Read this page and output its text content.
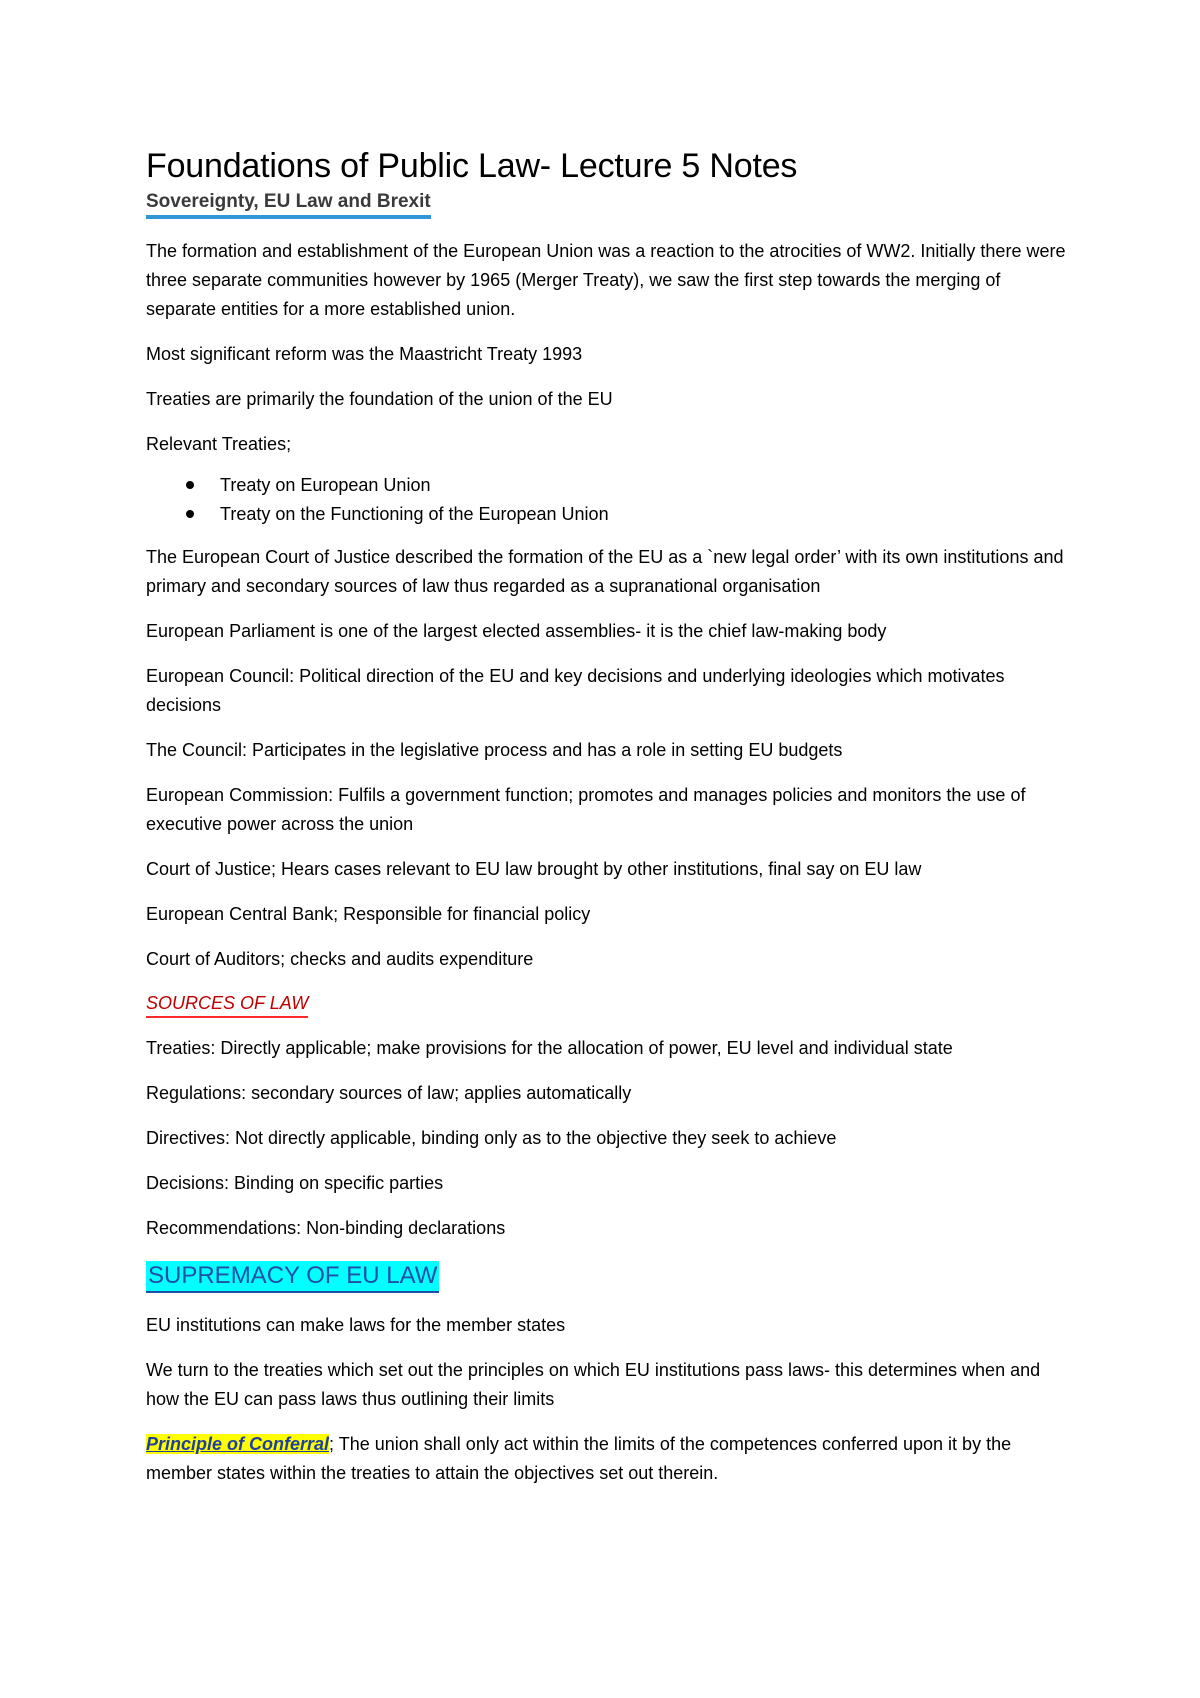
Foundations of Public Law- Lecture 5 Notes
Sovereignty, EU Law and Brexit

The formation and establishment of the European Union was a reaction to the atrocities of WW2. Initially there were three separate communities however by 1965 (Merger Treaty), we saw the first step towards the merging of separate entities for a more established union.

Most significant reform was the Maastricht Treaty 1993

Treaties are primarily the foundation of the union of the EU

Relevant Treaties;

Treaty on European Union
Treaty on the Functioning of the European Union

The European Court of Justice described the formation of the EU as a `new legal order’ with its own institutions and primary and secondary sources of law thus regarded as a supranational organisation

European Parliament is one of the largest elected assemblies- it is the chief law-making body

European Council: Political direction of the EU and key decisions and underlying ideologies which motivates decisions

The Council: Participates in the legislative process and has a role in setting EU budgets

European Commission: Fulfils a government function; promotes and manages policies and monitors the use of executive power across the union

Court of Justice; Hears cases relevant to EU law brought by other institutions, final say on EU law

European Central Bank; Responsible for financial policy

Court of Auditors; checks and audits expenditure

SOURCES OF LAW

Treaties: Directly applicable; make provisions for the allocation of power, EU level and individual state

Regulations: secondary sources of law; applies automatically

Directives: Not directly applicable, binding only as to the objective they seek to achieve

Decisions: Binding on specific parties

Recommendations: Non-binding declarations

SUPREMACY OF EU LAW

EU institutions can make laws for the member states

We turn to the treaties which set out the principles on which EU institutions pass laws- this determines when and how the EU can pass laws thus outlining their limits

Principle of Conferral; The union shall only act within the limits of the competences conferred upon it by the member states within the treaties to attain the objectives set out therein.
